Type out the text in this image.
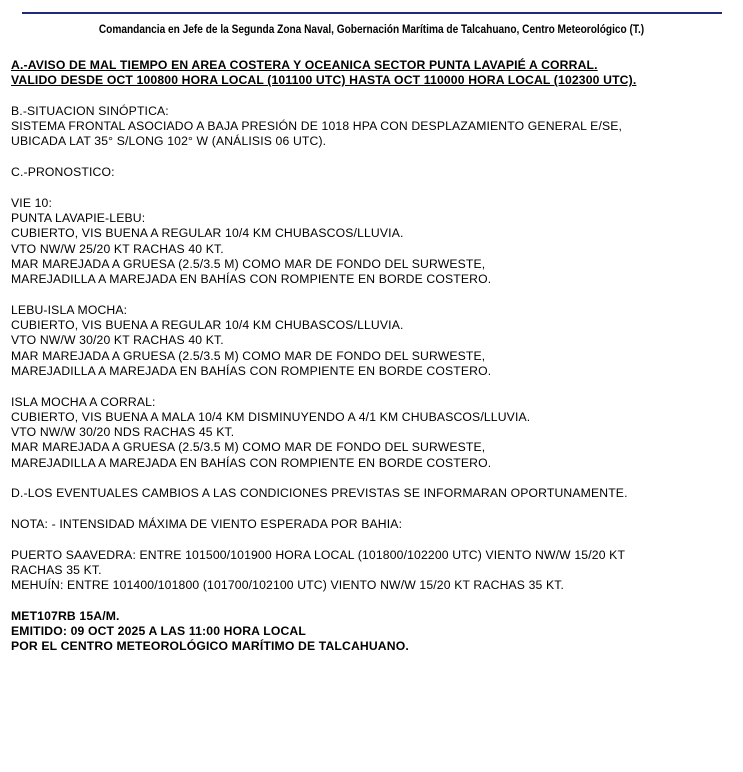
Comandancia en Jefe de la Segunda Zona Naval, Gobernación Marítima de Talcahuano, Centro Meteorológico (T.)
A.-AVISO DE MAL TIEMPO EN AREA COSTERA Y OCEANICA SECTOR PUNTA LAVAPIÉ A CORRAL.
VALIDO DESDE OCT 100800 HORA LOCAL (101100 UTC) HASTA OCT 110000 HORA LOCAL (102300 UTC).
B.-SITUACION SINÓPTICA:
SISTEMA FRONTAL ASOCIADO A BAJA PRESIÓN DE 1018 HPA CON DESPLAZAMIENTO GENERAL E/SE,
UBICADA LAT 35° S/LONG 102° W (ANÁLISIS 06 UTC).
C.-PRONOSTICO:
VIE 10:
PUNTA LAVAPIE-LEBU:
CUBIERTO, VIS BUENA A REGULAR 10/4 KM CHUBASCOS/LLUVIA.
VTO NW/W 25/20 KT RACHAS 40 KT.
MAR MAREJADA A GRUESA (2.5/3.5 M) COMO MAR DE FONDO DEL SURWESTE,
MAREJADILLA A MAREJADA EN BAHÍAS CON ROMPIENTE EN BORDE COSTERO.
LEBU-ISLA MOCHA:
CUBIERTO, VIS BUENA A REGULAR 10/4 KM CHUBASCOS/LLUVIA.
VTO NW/W 30/20 KT RACHAS 40 KT.
MAR MAREJADA A GRUESA (2.5/3.5 M) COMO MAR DE FONDO DEL SURWESTE,
MAREJADILLA A MAREJADA EN BAHÍAS CON ROMPIENTE EN BORDE COSTERO.
ISLA MOCHA A CORRAL:
CUBIERTO, VIS BUENA A MALA 10/4 KM DISMINUYENDO A 4/1 KM CHUBASCOS/LLUVIA.
VTO NW/W 30/20 NDS RACHAS 45 KT.
MAR MAREJADA A GRUESA (2.5/3.5 M) COMO MAR DE FONDO DEL SURWESTE,
MAREJADILLA A MAREJADA EN BAHÍAS CON ROMPIENTE EN BORDE COSTERO.
D.-LOS EVENTUALES CAMBIOS A LAS CONDICIONES PREVISTAS SE INFORMARAN OPORTUNAMENTE.
NOTA: - INTENSIDAD MÁXIMA DE VIENTO ESPERADA POR BAHIA:
PUERTO SAAVEDRA: ENTRE 101500/101900 HORA LOCAL (101800/102200 UTC) VIENTO NW/W 15/20 KT
RACHAS 35 KT.
MEHUÍN: ENTRE 101400/101800 (101700/102100 UTC) VIENTO NW/W 15/20 KT RACHAS 35 KT.
MET107RB 15A/M.
EMITIDO: 09 OCT 2025 A LAS 11:00 HORA LOCAL
POR EL CENTRO METEOROLÓGICO MARÍTIMO DE TALCAHUANO.
